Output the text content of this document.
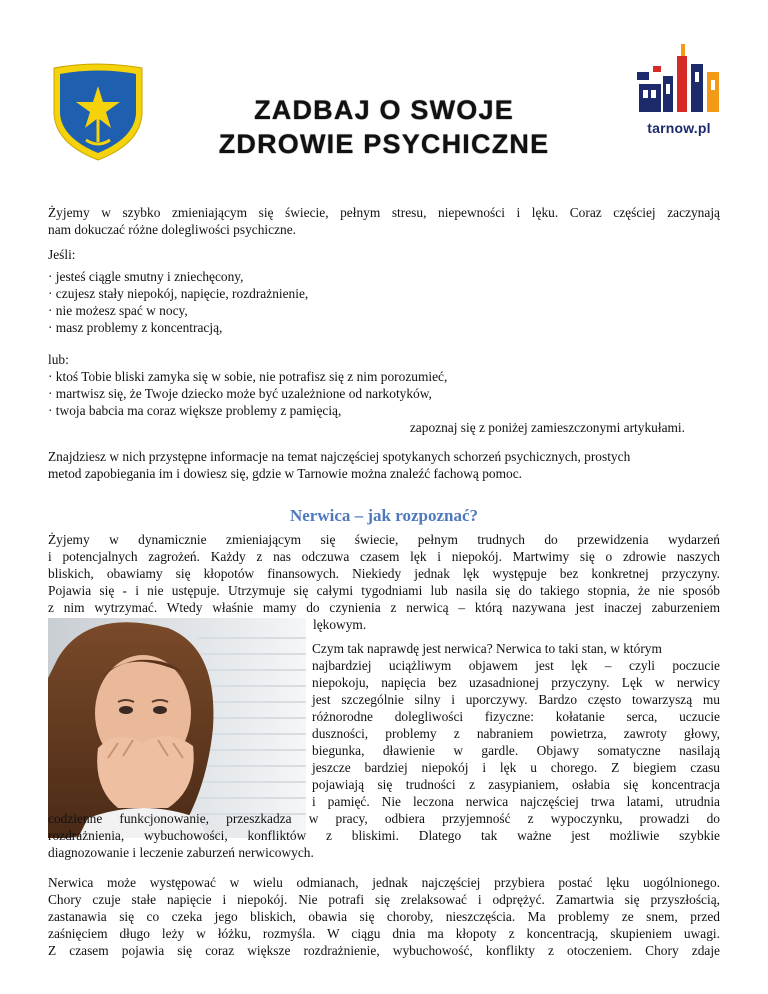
tarnow.pl
ZADBAJ O SWOJE
ZDROWIE PSYCHICZNE
Żyjemy w szybko zmieniającym się świecie, pełnym stresu, niepewności i lęku. Coraz częściej zaczynają
nam dokuczać różne dolegliwości psychiczne.
Jeśli:
· jesteś ciągle smutny i zniechęcony,
· czujesz stały niepokój, napięcie, rozdrażnienie,
· nie możesz spać w nocy,
· masz problemy z koncentracją,
lub:
· ktoś Tobie bliski zamyka się w sobie, nie potrafisz się z nim porozumieć,
· martwisz się, że Twoje dziecko może być uzależnione od narkotyków,
· twoja babcia ma coraz większe problemy z pamięcią,
zapoznaj się z poniżej zamieszczonymi artykułami.
Znajdziesz w nich przystępne informacje na temat najczęściej spotykanych schorzeń psychicznych, prostych
metod zapobiegania im i dowiesz się, gdzie w Tarnowie można znaleźć fachową pomoc.
Nerwica – jak rozpoznać?
Żyjemy w dynamicznie zmieniającym się świecie, pełnym trudnych do przewidzenia wydarzeń
i potencjalnych zagrożeń. Każdy z nas odczuwa czasem lęk i niepokój. Martwimy się o zdrowie naszych
bliskich, obawiamy się kłopotów finansowych. Niekiedy jednak lęk występuje bez konkretnej przyczyny.
Pojawia się - i nie ustępuje. Utrzymuje się całymi tygodniami lub nasila się do takiego stopnia, że nie sposób
z nim wytrzymać. Wtedy właśnie mamy do czynienia z nerwicą – którą nazywana jest inaczej zaburzeniem
lękowym.
Czym tak naprawdę jest nerwica? Nerwica to taki stan, w którym
najbardziej uciążliwym objawem jest lęk – czyli poczucie
niepokoju, napięcia bez uzasadnionej przyczyny. Lęk w nerwicy
jest szczególnie silny i uporczywy. Bardzo często towarzyszą mu
różnorodne dolegliwości fizyczne: kołatanie serca, uczucie
duszności, problemy z nabraniem powietrza, zawroty głowy,
biegunka, dławienie w gardle. Objawy somatyczne nasilają
jeszcze bardziej niepokój i lęk u chorego. Z biegiem czasu
pojawiają się trudności z zasypianiem, osłabia się koncentracja
i pamięć. Nie leczona nerwica najczęściej trwa latami, utrudnia
codzienne funkcjonowanie, przeszkadza w pracy, odbiera przyjemność z wypoczynku, prowadzi do
rozdrażnienia, wybuchowości, konfliktów z bliskimi. Dlatego tak ważne jest możliwie szybkie
diagnozowanie i leczenie zaburzeń nerwicowych.
Nerwica może występować w wielu odmianach, jednak najczęściej przybiera postać lęku uogólnionego.
Chory czuje stałe napięcie i niepokój. Nie potrafi się zrelaksować i odprężyć. Zamartwia się przyszłością,
zastanawia się co czeka jego bliskich, obawia się choroby, nieszczęścia. Ma problemy ze snem, przed
zaśnięciem długo leży w łóżku, rozmyśla. W ciągu dnia ma kłopoty z koncentracją, skupieniem uwagi.
Z czasem pojawia się coraz większe rozdrażnienie, wybuchowość, konflikty z otoczeniem. Chory zdaje
